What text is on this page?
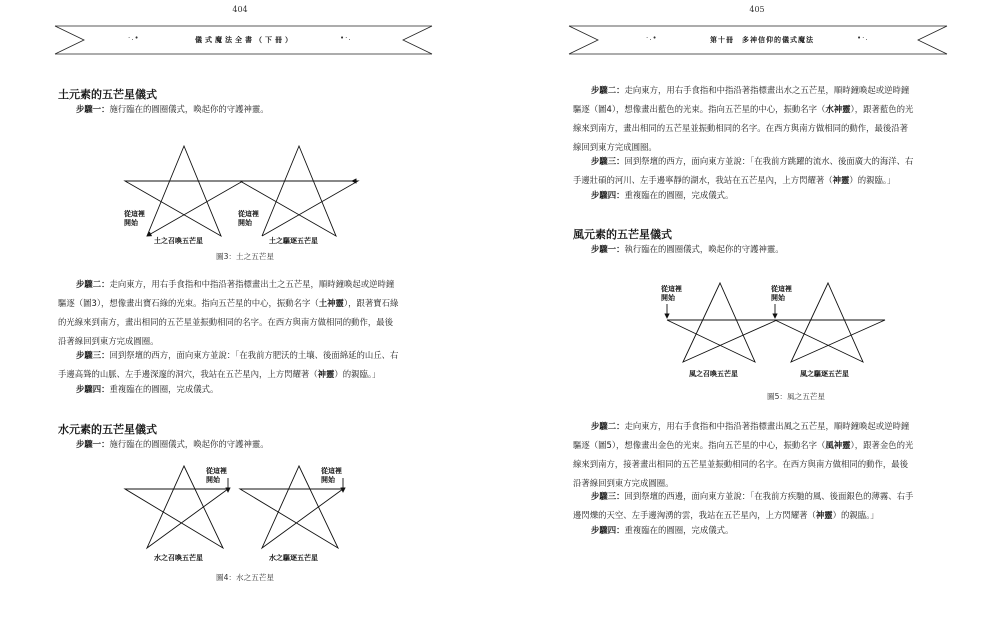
404
·.•	儀式魔法全書（下冊）	•·.
土元素的五芒星儀式
步驟一：施行臨在的圓圈儀式，喚起你的守護神靈。
從這裡
開始
從這裡
開始
土之召喚五芒星	土之驅逐五芒星
圖3：土之五芒星
步驟二：走向東方，用右手食指和中指沿著指標畫出土之五芒星，順時鐘喚起或逆時鐘
驅逐（圖3），想像畫出寶石綠的光束。指向五芒星的中心，振動名字（土神靈），跟著寶石綠
的光線來到南方，畫出相同的五芒星並振動相同的名字。在西方與南方做相同的動作，最後
沿著線回到東方完成圓圈。
步驟三：回到祭壇的西方，面向東方並說：「在我前方肥沃的土壤、後面綿延的山丘、右
手邊高聳的山脈、左手邊深邃的洞穴，我站在五芒星內，上方閃耀著（神靈）的親臨。」
步驟四：重複臨在的圓圈，完成儀式。
水元素的五芒星儀式
步驟一：施行臨在的圓圈儀式，喚起你的守護神靈。
從這裡
開始
從這裡
開始
水之召喚五芒星	水之驅逐五芒星
圖4：水之五芒星
405
·.•	第十冊　多神信仰的儀式魔法	•·.
步驟二：走向東方，用右手食指和中指沿著指標畫出水之五芒星，順時鐘喚起或逆時鐘
驅逐（圖4），想像畫出藍色的光束。指向五芒星的中心，振動名字（水神靈），跟著藍色的光
線來到南方，畫出相同的五芒星並振動相同的名字。在西方與南方做相同的動作，最後沿著
線回到東方完成圓圈。
步驟三：回到祭壇的西方，面向東方並說：「在我前方跳躍的流水、後面廣大的海洋、右
手邊壯碩的河川、左手邊寧靜的湖水，我站在五芒星內，上方閃耀著（神靈）的親臨。」
步驟四：重複臨在的圓圈，完成儀式。
風元素的五芒星儀式
步驟一：執行臨在的圓圈儀式，喚起你的守護神靈。
從這裡
開始
從這裡
開始
風之召喚五芒星	風之驅逐五芒星
圖5：風之五芒星
步驟二：走向東方，用右手食指和中指沿著指標畫出風之五芒星，順時鐘喚起或逆時鐘
驅逐（圖5），想像畫出金色的光束。指向五芒星的中心，振動名字（風神靈），跟著金色的光
線來到南方，接著畫出相同的五芒星並振動相同的名字。在西方與南方做相同的動作，最後
沿著線回到東方完成圓圈。
步驟三：回到祭壇的西邊，面向東方並說：「在我前方疾馳的風、後面銀色的薄霧、右手
邊閃爍的天空、左手邊洶湧的雲，我站在五芒星內，上方閃耀著（神靈）的親臨。」
步驟四：重複臨在的圓圈，完成儀式。
